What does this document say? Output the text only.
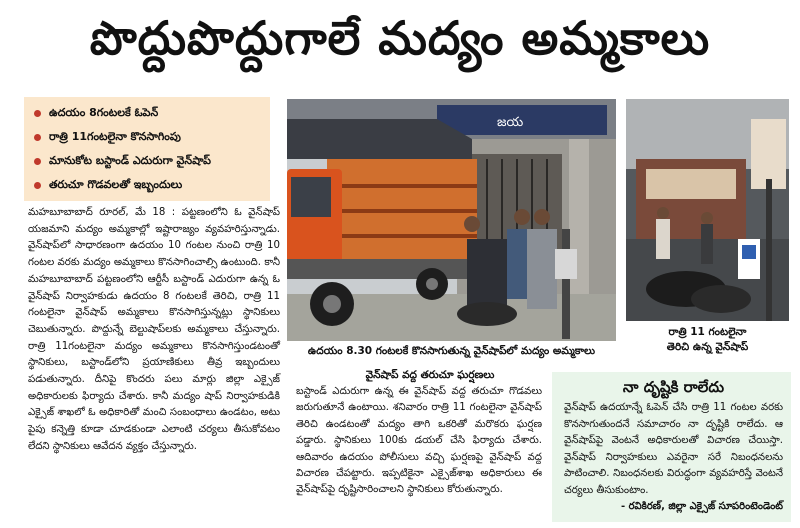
పొద్దుపొద్దుగాలే మద్యం అమ్మకాలు
ఉదయం 8గంటలకే ఓపెన్
రాత్రి 11గంటలైనా కొనసాగింపు
మానుకోట బస్టాండ్ ఎదురుగా వైన్‌షాప్
తరుచూ గొడవలతో ఇబ్బందులు

మహబూబాబాద్ రూరల్, మే 18 : పట్టణంలోని ఓ వైన్‌షాప్ యజమాని మద్యం అమ్మకాల్లో ఇష్టారాజ్యం వ్యవహరిస్తున్నాడు. వైన్‌షాప్‌లో సాధారణంగా ఉదయం 10 గంటల నుంచి రాత్రి 10 గంటల వరకు మద్యం అమ్మకాలు కొనసాగించాల్సి ఉంటుంది. కానీ మహబూబాబాద్ పట్టణంలోని ఆర్టీసీ బస్టాండ్ ఎదురుగా ఉన్న ఓ వైన్‌షాప్ నిర్వాహకుడు ఉదయం 8 గంటలకే తెరిచి, రాత్రి 11 గంటలైనా వైన్‌షాప్ అమ్మకాలు కొనసాగిస్తున్నట్లు స్థానికులు చెబుతున్నారు. పొద్దున్నే బెల్టుషాప్‌లకు అమ్మకాలు చేస్తున్నారు. రాత్రి 11గంటలైనా మద్యం అమ్మకాలు కొనసాగిస్తుండటంతో స్థానికులు, బస్టాండ్‌లోని ప్రయాణికులు తీవ్ర ఇబ్బందులు పడుతున్నారు. దీనిపై కొందరు పలు మార్లు జిల్లా ఎక్సైజ్ అధికారులకు ఫిర్యాదు చేశారు. కానీ మద్యం షాప్ నిర్వాహకుడికి ఎక్సైజ్ శాఖలో ఓ అధికారితో మంచి సంబంధాలు ఉండటం, అటు పైపు కన్నెత్తి కూడా చూడకుండా ఎలాంటి చర్యలు తీసుకోవటం లేదని స్థానికులు ఆవేదన వ్యక్తం చేస్తున్నారు.

జయ
ఉదయం 8.30 గంటలకే కొనసాగుతున్న వైన్‌షాప్‌లో మద్యం అమ్మకాలు
రాత్రి 11 గంటలైనా
తెరిచి ఉన్న వైన్‌షాప్
వైన్‌షాప్ వద్ద తరుచూ ఘర్షణలు

బస్టాండ్ ఎదురుగా ఉన్న ఈ వైన్‌షాప్ వద్ద తరుచూ గొడవలు జరుగుతూనే ఉంటాయి. శనివారం రాత్రి 11 గంటలైనా వైన్‌షాప్ తెరిచి ఉండటంతో మద్యం తాగి ఒకరితో మరొకరు ఘర్షణ పడ్డారు. స్థానికులు 100కు డయల్ చేసి ఫిర్యాదు చేశారు. ఆదివారం ఉదయం పోలీసులు వచ్చి ఘర్షణపై వైన్‌షాప్ వద్ద విచారణ చేపట్టారు. ఇప్పటికైనా ఎక్సైజ్‌శాఖ అధికారులు ఈ వైన్‌షాప్‌పై దృష్టిసారించాలని స్థానికులు కోరుతున్నారు.

నా దృష్టికి రాలేదు

వైన్‌షాప్ ఉదయాన్నే ఓపెన్ చేసి రాత్రి 11 గంటల వరకు కొనసాగుతుందనే సమాచారం నా దృష్టికి రాలేదు. ఆ వైన్‌షాప్‌పై వెంటనే అధికారులతో విచారణ చేయిస్తా. వైన్‌షాప్ నిర్వాహకులు ఎవరైనా సరే నిబంధనలను పాటించాలి. నిబంధనలకు విరుద్ధంగా వ్యవహరిస్తే వెంటనే చర్యలు తీసుకుంటాం.

- రవికిరణ్, జిల్లా ఎక్సైజ్ సూపరింటెండెంట్
